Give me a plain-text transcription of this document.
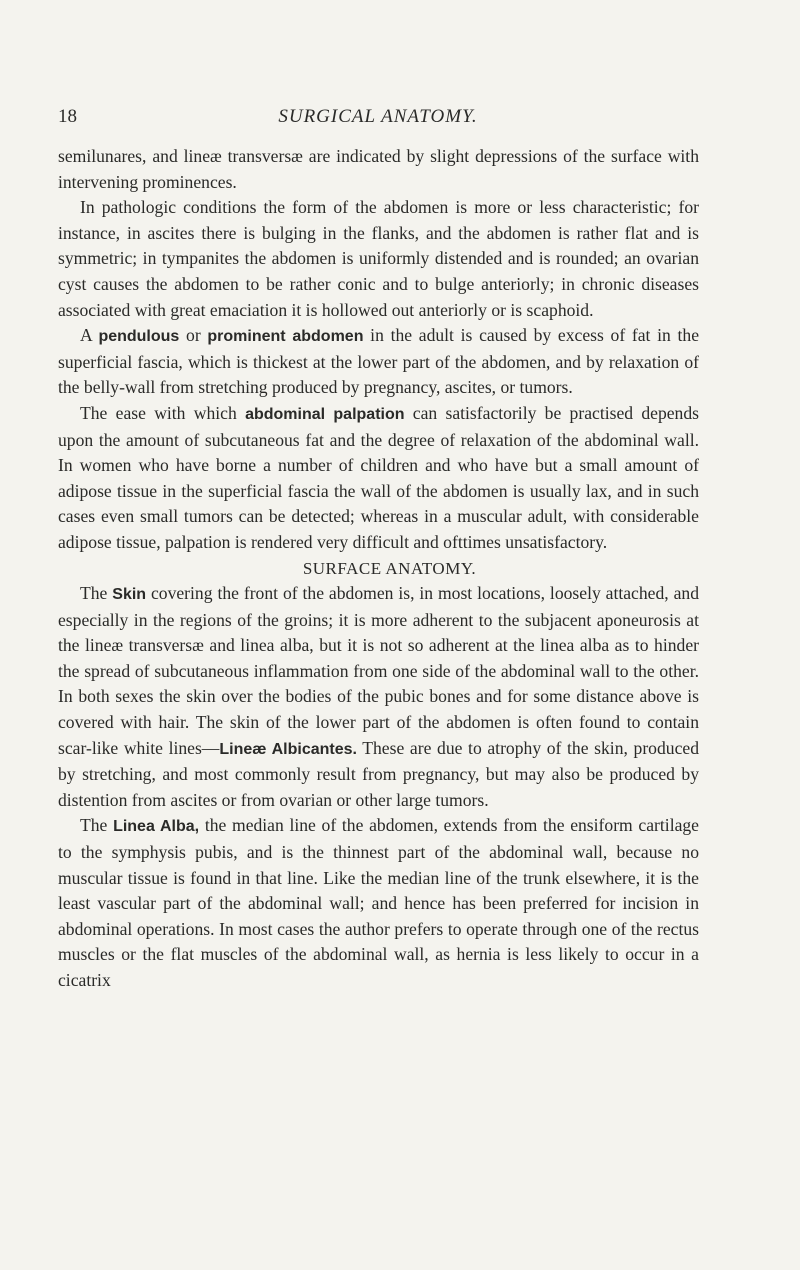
18	SURGICAL ANATOMY.

semilunares, and lineæ transversæ are indicated by slight depressions of the surface with intervening prominences.

In pathologic conditions the form of the abdomen is more or less characteristic; for instance, in ascites there is bulging in the flanks, and the abdomen is rather flat and is symmetric; in tympanites the abdomen is uniformly distended and is rounded; an ovarian cyst causes the abdomen to be rather conic and to bulge anteriorly; in chronic diseases associated with great emaciation it is hollowed out anteriorly or is scaphoid.

A pendulous or prominent abdomen in the adult is caused by excess of fat in the superficial fascia, which is thickest at the lower part of the abdomen, and by relaxation of the belly-wall from stretching produced by pregnancy, ascites, or tumors.

The ease with which abdominal palpation can satisfactorily be practised depends upon the amount of subcutaneous fat and the degree of relaxation of the abdominal wall. In women who have borne a number of children and who have but a small amount of adipose tissue in the superficial fascia the wall of the abdomen is usually lax, and in such cases even small tumors can be detected; whereas in a muscular adult, with considerable adipose tissue, palpation is rendered very difficult and ofttimes unsatisfactory.

SURFACE ANATOMY.

The Skin covering the front of the abdomen is, in most locations, loosely attached, and especially in the regions of the groins; it is more adherent to the subjacent aponeurosis at the lineæ transversæ and linea alba, but it is not so adherent at the linea alba as to hinder the spread of subcutaneous inflammation from one side of the abdominal wall to the other. In both sexes the skin over the bodies of the pubic bones and for some distance above is covered with hair. The skin of the lower part of the abdomen is often found to contain scar-like white lines—Lineæ Albicantes. These are due to atrophy of the skin, produced by stretching, and most commonly result from pregnancy, but may also be produced by distention from ascites or from ovarian or other large tumors.

The Linea Alba, the median line of the abdomen, extends from the ensiform cartilage to the symphysis pubis, and is the thinnest part of the abdominal wall, because no muscular tissue is found in that line. Like the median line of the trunk elsewhere, it is the least vascular part of the abdominal wall; and hence has been preferred for incision in abdominal operations. In most cases the author prefers to operate through one of the rectus muscles or the flat muscles of the abdominal wall, as hernia is less likely to occur in a cicatrix
